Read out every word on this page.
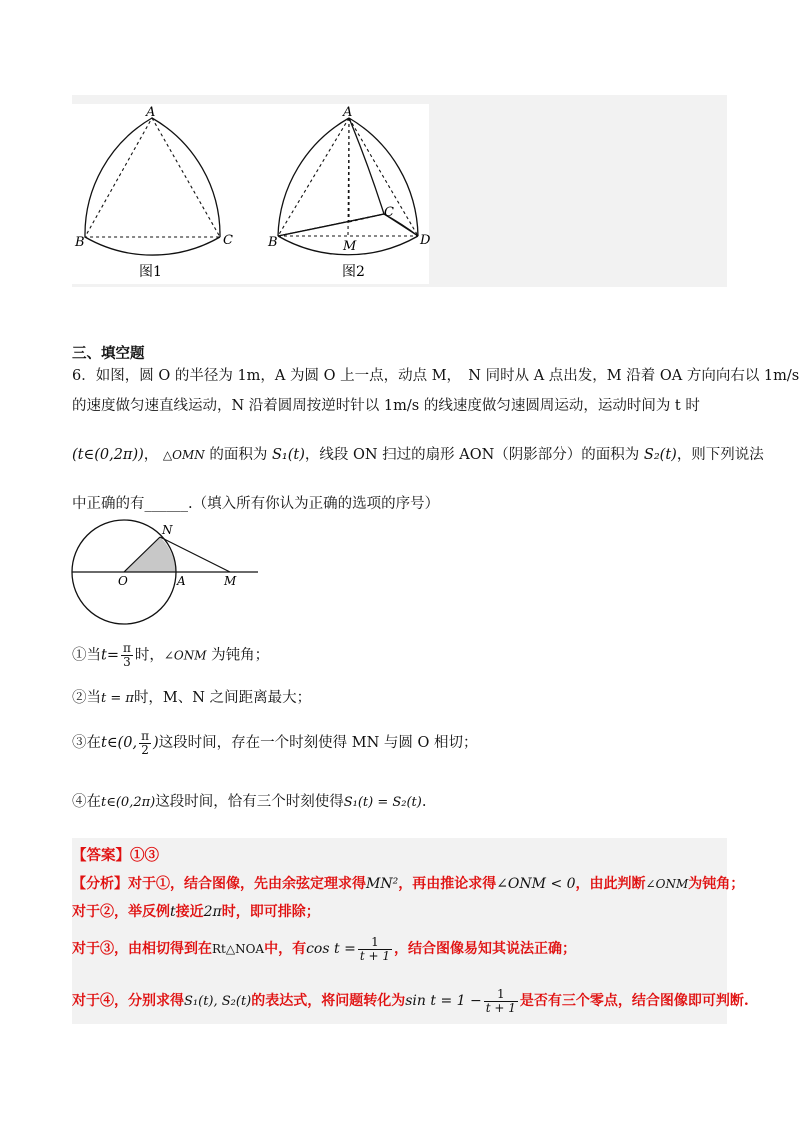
A
B	C
图1
A
B
C
D
M
图2
三、填空题
6．如图，圆 O 的半径为 1m，A 为圆 O 上一点，动点 M，　N 同时从 A 点出发，M 沿着 OA 方向向右以 1m/s
的速度做匀速直线运动，N 沿着圆周按逆时针以 1m/s 的线速度做匀速圆周运动，运动时间为 t 时
(t∈(0,2π))， △OMN 的面积为 S₁(t)，线段 ON 扫过的扇形 AON（阴影部分）的面积为 S₂(t)，则下列说法
中正确的有______.（填入所有你认为正确的选项的序号）
N
O	A	M
①当$t= \frac{\pi}{3}$ 时，∠ONM 为钝角；
②当t = π时，M、N 之间距离最大；
③在t∈(0, $\frac{\pi}{2}$ )这段时间，存在一个时刻使得 MN 与圆 O 相切；
④在t∈(0,2π)这段时间，恰有三个时刻使得S₁(t) = S₂(t).
【答案】①③
【分析】对于①，结合图像，先由余弦定理求得MN²，再由推论求得∠ONM < 0，由此判断∠ONM为钝角；
对于②，举反例t接近2π时，即可排除；
对于③，由相切得到在Rt△NOA中，有$\cos t = \frac{1}{t + 1}$ ，结合图像易知其说法正确；
对于④，分别求得S₁(t), S₂(t)的表达式，将问题转化为$\sin t = 1 - \frac{1}{t + 1}$ 是否有三个零点，结合图像即可判断.
